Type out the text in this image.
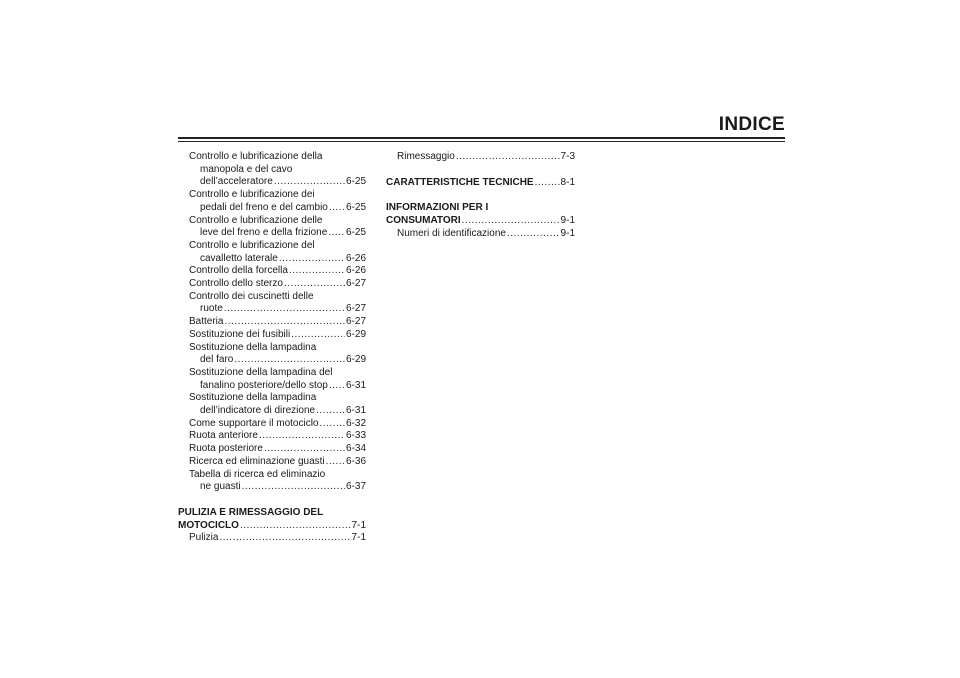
INDICE
Controllo e lubrificazione della
manopola e del cavo
dell’acceleratore .....	6-25
Controllo e lubrificazione dei
pedali del freno e del cambio ..... 6-25
Controllo e lubrificazione delle
leve del freno e della frizione ..... 6-25
Controllo e lubrificazione del
cavalletto laterale .....	6-26
Controllo della forcella .....	6-26
Controllo dello sterzo .....	6-27
Controllo dei cuscinetti delle
ruote .....	6-27
Batteria .....	6-27
Sostituzione dei fusibili .....	6-29
Sostituzione della lampadina
del faro .....	6-29
Sostituzione della lampadina del
fanalino posteriore/dello stop ..... 6-31
Sostituzione della lampadina
dell’indicatore di direzione .....	6-31
Come supportare il motociclo .....	6-32
Ruota anteriore .....	6-33
Ruota posteriore .....	6-34
Ricerca ed eliminazione guasti ..... 6-36
Tabella di ricerca ed eliminazio
ne guasti .....	6-37
PULIZIA E RIMESSAGGIO DEL
MOTOCICLO .....	7-1
Pulizia .....	7-1
Rimessaggio .....	7-3
CARATTERISTICHE TECNICHE .....	8-1
INFORMAZIONI PER I
CONSUMATORI .....	9-1
Numeri di identificazione .....	9-1
